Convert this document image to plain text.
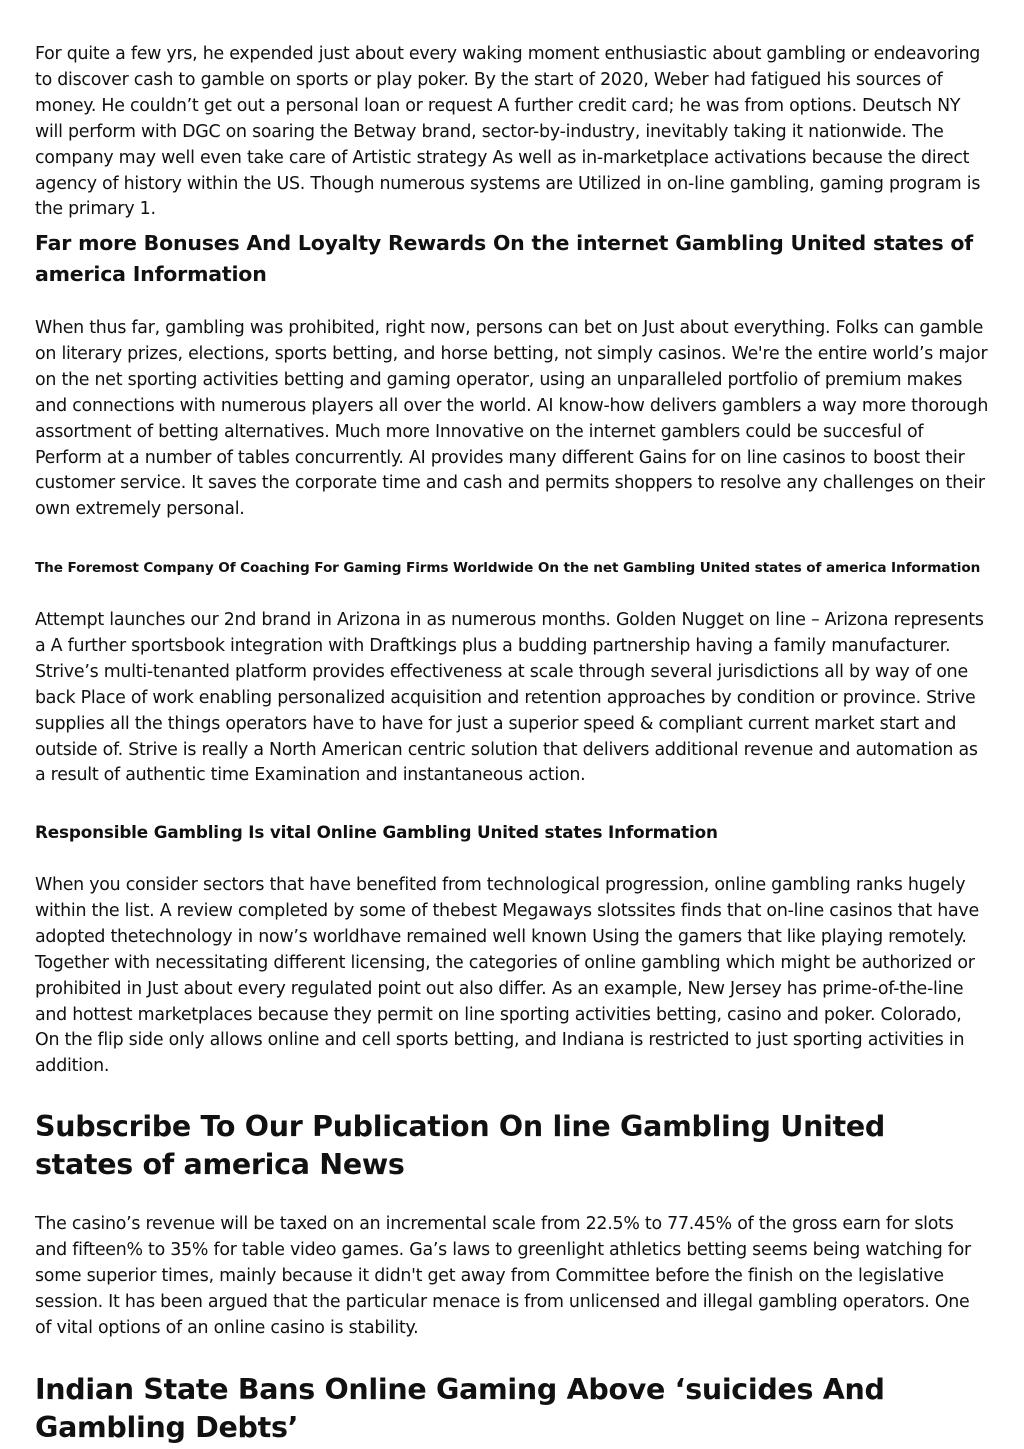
For quite a few yrs, he expended just about every waking moment enthusiastic about gambling or endeavoring to discover cash to gamble on sports or play poker. By the start of 2020, Weber had fatigued his sources of money. He couldn’t get out a personal loan or request A further credit card; he was from options. Deutsch NY will perform with DGC on soaring the Betway brand, sector-by-industry, inevitably taking it nationwide. The company may well even take care of Artistic strategy As well as in-marketplace activations because the direct agency of history within the US. Though numerous systems are Utilized in on-line gambling, gaming program is the primary 1.

Far more Bonuses And Loyalty Rewards On the internet Gambling United states of america Information

When thus far, gambling was prohibited, right now, persons can bet on Just about everything. Folks can gamble on literary prizes, elections, sports betting, and horse betting, not simply casinos. We're the entire world’s major on the net sporting activities betting and gaming operator, using an unparalleled portfolio of premium makes and connections with numerous players all over the world. AI know-how delivers gamblers a way more thorough assortment of betting alternatives. Much more Innovative on the internet gamblers could be succesful of Perform at a number of tables concurrently. AI provides many different Gains for on line casinos to boost their customer service. It saves the corporate time and cash and permits shoppers to resolve any challenges on their own extremely personal.

The Foremost Company Of Coaching For Gaming Firms Worldwide On the net Gambling United states of america Information

Attempt launches our 2nd brand in Arizona in as numerous months. Golden Nugget on line – Arizona represents a A further sportsbook integration with Draftkings plus a budding partnership having a family manufacturer. Strive’s multi-tenanted platform provides effectiveness at scale through several jurisdictions all by way of one back Place of work enabling personalized acquisition and retention approaches by condition or province. Strive supplies all the things operators have to have for just a superior speed & compliant current market start and outside of. Strive is really a North American centric solution that delivers additional revenue and automation as a result of authentic time Examination and instantaneous action.

Responsible Gambling Is vital Online Gambling United states Information

When you consider sectors that have benefited from technological progression, online gambling ranks hugely within the list. A review completed by some of thebest Megaways slotssites finds that on-line casinos that have adopted thetechnology in now’s worldhave remained well known Using the gamers that like playing remotely. Together with necessitating different licensing, the categories of online gambling which might be authorized or prohibited in Just about every regulated point out also differ. As an example, New Jersey has prime-of-the-line and hottest marketplaces because they permit on line sporting activities betting, casino and poker. Colorado, On the flip side only allows online and cell sports betting, and Indiana is restricted to just sporting activities in addition.

Subscribe To Our Publication On line Gambling United states of america News

The casino’s revenue will be taxed on an incremental scale from 22.5% to 77.45% of the gross earn for slots and fifteen% to 35% for table video games. Ga’s laws to greenlight athletics betting seems being watching for some superior times, mainly because it didn't get away from Committee before the finish on the legislative session. It has been argued that the particular menace is from unlicensed and illegal gambling operators. One of vital options of an online casino is stability.

Indian State Bans Online Gaming Above ‘suicides And Gambling Debts’
